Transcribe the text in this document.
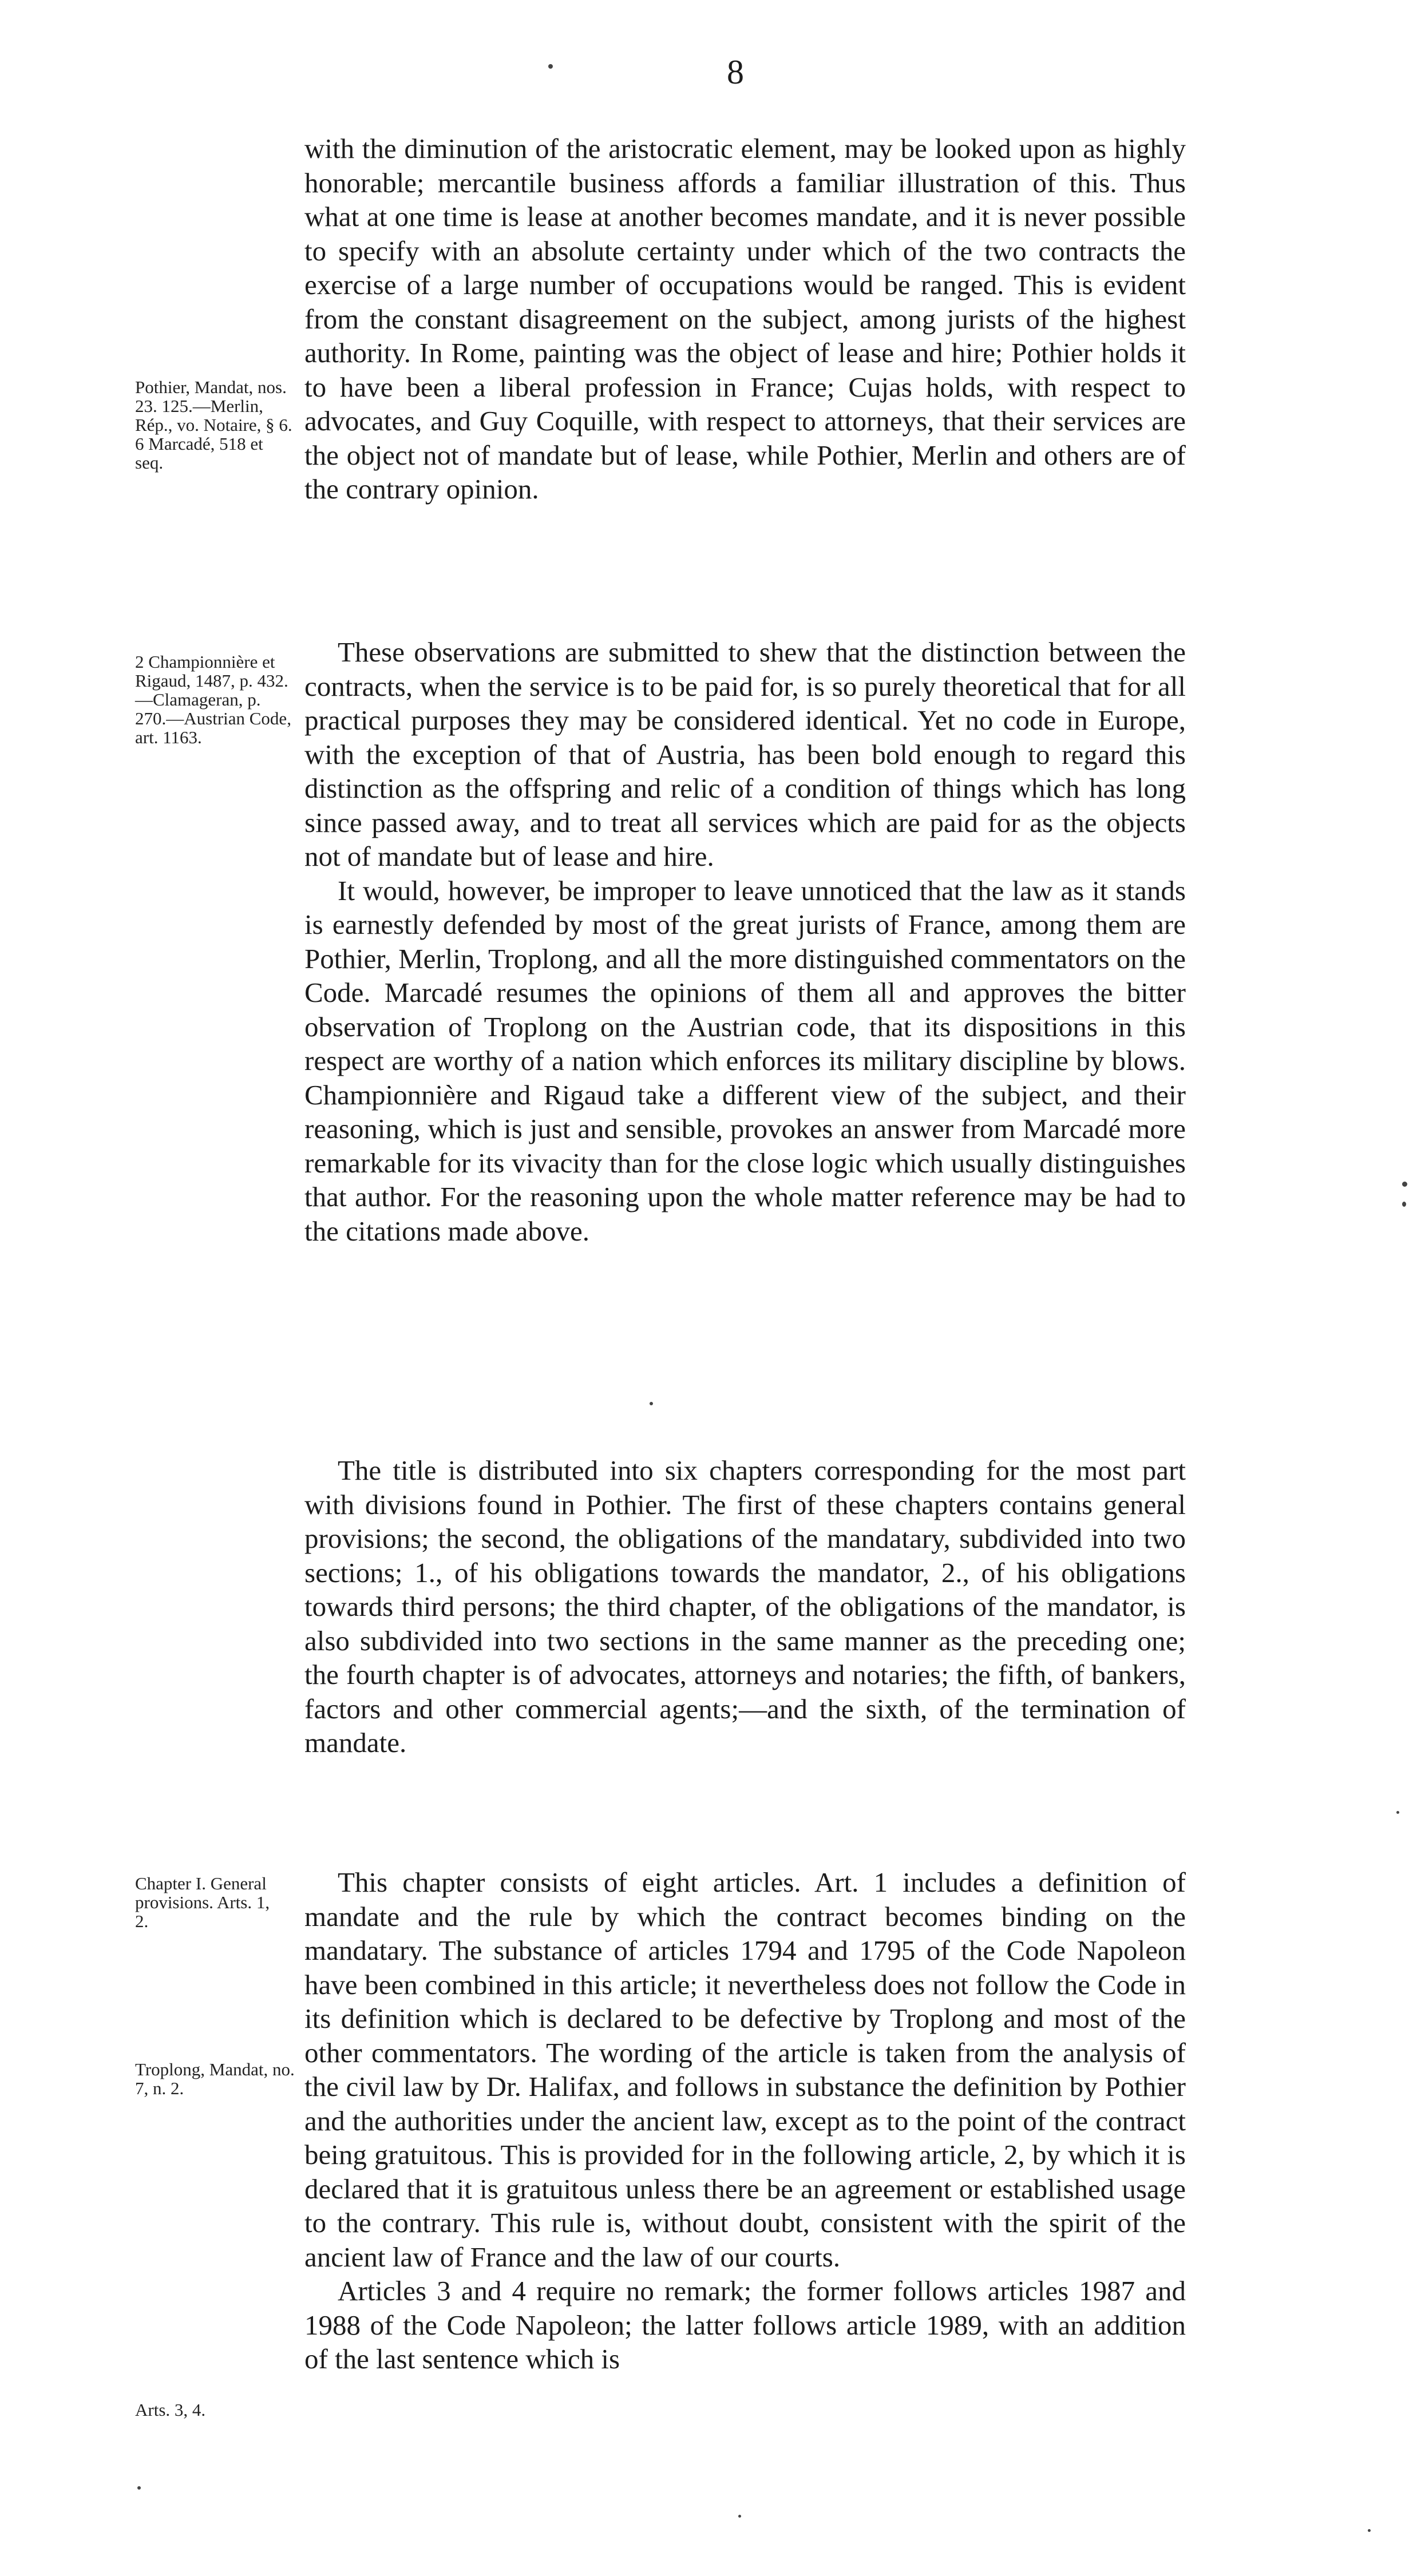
8

with the diminution of the aristocratic element, may be looked upon as highly honorable; mercantile business affords a familiar illustration of this. Thus what at one time is lease at another becomes mandate, and it is never possible to specify with an absolute certainty under which of the two contracts the exercise of a large number of occupations would be ranged. This is evident from the constant disagreement on the subject, among jurists of the highest authority. In Rome, painting was the object of lease and hire; Pothier holds it to have been a liberal profession in France; Cujas holds, with respect to advocates, and Guy Coquille, with respect to attorneys, that their services are the object not of mandate but of lease, while Pothier, Merlin and others are of the contrary opinion.

Pothier, Mandat, nos. 23. 125.—Merlin, Rép., vo. Notaire, § 6. 6 Marcadé, 518 et seq.

These observations are submitted to shew that the distinction between the contracts, when the service is to be paid for, is so purely theoretical that for all practical purposes they may be considered identical. Yet no code in Europe, with the exception of that of Austria, has been bold enough to regard this distinction as the offspring and relic of a condition of things which has long since passed away, and to treat all services which are paid for as the objects not of mandate but of lease and hire.

It would, however, be improper to leave unnoticed that the law as it stands is earnestly defended by most of the great jurists of France, among them are Pothier, Merlin, Troplong, and all the more distinguished commentators on the Code. Marcadé resumes the opinions of them all and approves the bitter observation of Troplong on the Austrian code, that its dispositions in this respect are worthy of a nation which enforces its military discipline by blows. Championnière and Rigaud take a different view of the subject, and their reasoning, which is just and sensible, provokes an answer from Marcadé more remarkable for its vivacity than for the close logic which usually distinguishes that author. For the reasoning upon the whole matter reference may be had to the citations made above.

2 Championnière et Rigaud, 1487, p. 432.—Clamageran, p. 270.—Austrian Code, art. 1163.

The title is distributed into six chapters corresponding for the most part with divisions found in Pothier. The first of these chapters contains general provisions; the second, the obligations of the mandatary, subdivided into two sections; 1., of his obligations towards the mandator, 2., of his obligations towards third persons; the third chapter, of the obligations of the mandator, is also subdivided into two sections in the same manner as the preceding one; the fourth chapter is of advocates, attorneys and notaries; the fifth, of bankers, factors and other commercial agents;—and the sixth, of the termination of mandate.

This chapter consists of eight articles. Art. 1 includes a definition of mandate and the rule by which the contract becomes binding on the mandatary. The substance of articles 1794 and 1795 of the Code Napoleon have been combined in this article; it nevertheless does not follow the Code in its definition which is declared to be defective by Troplong and most of the other commentators. The wording of the article is taken from the analysis of the civil law by Dr. Halifax, and follows in substance the definition by Pothier and the authorities under the ancient law, except as to the point of the contract being gratuitous. This is provided for in the following article, 2, by which it is declared that it is gratuitous unless there be an agreement or established usage to the contrary. This rule is, without doubt, consistent with the spirit of the ancient law of France and the law of our courts.

Articles 3 and 4 require no remark; the former follows articles 1987 and 1988 of the Code Napoleon; the latter follows article 1989, with an addition of the last sentence which is

Chapter I. General provisions. Arts. 1, 2.
Troplong, Mandat, no. 7, n. 2.
Arts. 3, 4.
